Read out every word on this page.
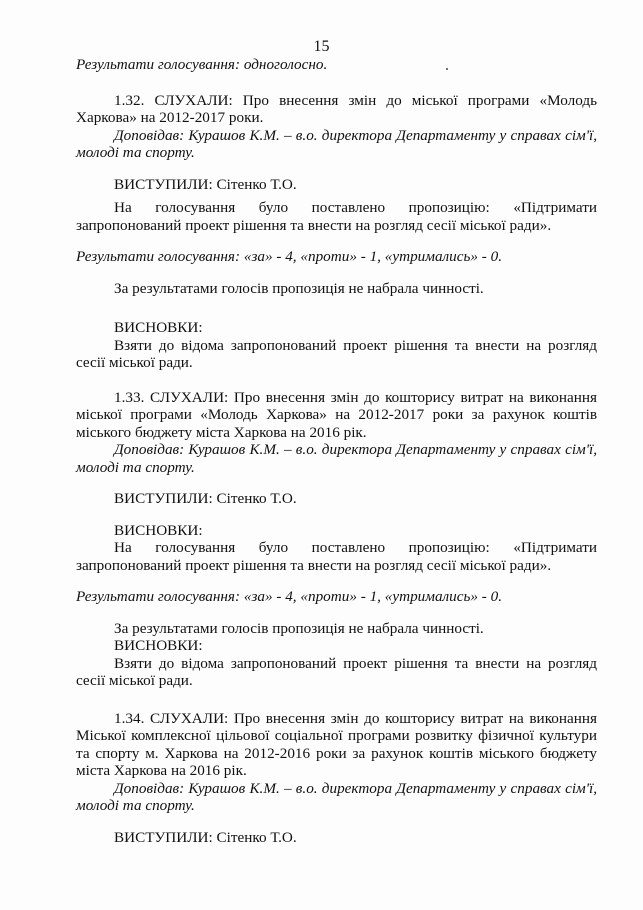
15

Результати голосування: одноголосно.

1.32. СЛУХАЛИ: Про внесення змін до міської програми «Молодь Харкова» на 2012-2017 роки.

Доповідав: Курашов К.М. – в.о. директора Департаменту у справах сім'ї, молоді та спорту.

ВИСТУПИЛИ: Сітенко Т.О.

На голосування було поставлено пропозицію: «Підтримати запропонований проект рішення та внести на розгляд сесії міської ради».

Результати голосування: «за» - 4, «проти» - 1, «утримались» - 0.

За результатами голосів пропозиція не набрала чинності.

ВИСНОВКИ:

Взяти до відома запропонований проект рішення та внести на розгляд сесії міської ради.

1.33. СЛУХАЛИ: Про внесення змін до кошторису витрат на виконання міської програми «Молодь Харкова» на 2012-2017 роки за рахунок коштів міського бюджету міста Харкова на 2016 рік.

Доповідав: Курашов К.М. – в.о. директора Департаменту у справах сім'ї, молоді та спорту.

ВИСТУПИЛИ: Сітенко Т.О.

ВИСНОВКИ:

На голосування було поставлено пропозицію: «Підтримати запропонований проект рішення та внести на розгляд сесії міської ради».

Результати голосування: «за» - 4, «проти» - 1, «утримались» - 0.

За результатами голосів пропозиція не набрала чинності.

ВИСНОВКИ:

Взяти до відома запропонований проект рішення та внести на розгляд сесії міської ради.

1.34. СЛУХАЛИ: Про внесення змін до кошторису витрат на виконання Міської комплексної цільової соціальної програми розвитку фізичної культури та спорту м. Харкова на 2012-2016 роки за рахунок коштів міського бюджету міста Харкова на 2016 рік.

Доповідав: Курашов К.М. – в.о. директора Департаменту у справах сім'ї, молоді та спорту.

ВИСТУПИЛИ: Сітенко Т.О.
